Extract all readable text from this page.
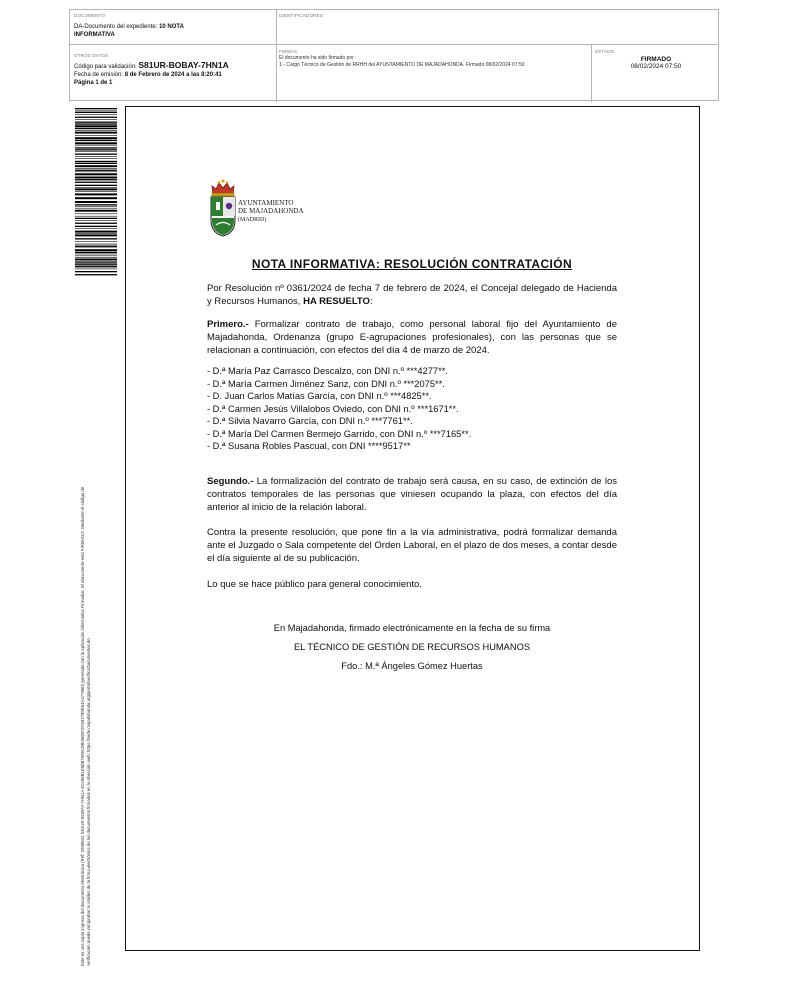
DOCUMENTO
DA-Documento del expediente: 10 NOTA
INFORMATIVA
IDENTIFICADORES
OTROS DATOS
Código para validación: S81UR-BOBAY-7HN1A
Fecha de emisión: 8 de Febrero de 2024 a las 8:20:41
Página 1 de 1
FIRMAS
El documento ha sido firmado por :
1.- Cargo Técnico de Gestión de RRHH del AYUNTAMIENTO DE MAJADAHONDA. Firmado 08/02/2024 07:50
ESTADO
FIRMADO
08/02/2024 07:50
Este es una copia impresa del documento electrónico (Ref: 2990631 S81UR-BOBAY-7HN1A 82A88B1E50B7965C0B26B3F2F2B1789E54A477860) generada con la aplicación informática Firmadoc. El documento está FIRMADO. Mediante el código de verificación puede comprobar la validez de la firma electrónica de los documentos firmados en la dirección web: https://sede.majadahonda.org/portal/verificaDocumentos.do
AYUNTAMIENTO
DE MAJADAHONDA
(MADRID)
NOTA INFORMATIVA: RESOLUCIÓN CONTRATACIÓN

Por Resolución nº 0361/2024 de fecha 7 de febrero de 2024, el Concejal delegado de Hacienda y Recursos Humanos, HA RESUELTO:

Primero.- Formalizar contrato de trabajo, como personal laboral fijo del Ayuntamiento de Majadahonda, Ordenanza (grupo E-agrupaciones profesionales), con las personas que se relacionan a continuación, con efectos del día 4 de marzo de 2024.

- D.ª María Paz Carrasco Descalzo, con DNI n.º ***4277**.
- D.ª María Carmen Jiménez Sanz, con DNI n.º ***2075**.
- D. Juan Carlos Matías García, con DNI n.º ***4825**.
- D.ª Carmen Jesús Villalobos Oviedo, con DNI n.º ***1671**.
- D.ª Silvia Navarro García, con DNI n.º ***7761**.
- D.ª María Del Carmen Bermejo Garrido, con DNI n.º ***7165**.
- D.ª Susana Robles Pascual, con DNI ****9517**

Segundo.- La formalización del contrato de trabajo será causa, en su caso, de extinción de los contratos temporales de las personas que viniesen ocupando la plaza, con efectos del día anterior al inicio de la relación laboral.

Contra la presente resolución, que pone fin a la vía administrativa, podrá formalizar demanda ante el Juzgado o Sala competente del Orden Laboral, en el plazo de dos meses, a contar desde el día siguiente al de su publicación.

Lo que se hace público para general conocimiento.

En Majadahonda, firmado electrónicamente en la fecha de su firma
EL TÉCNICO DE GESTIÓN DE RECURSOS HUMANOS
Fdo.: M.ª Ángeles Gómez Huertas
